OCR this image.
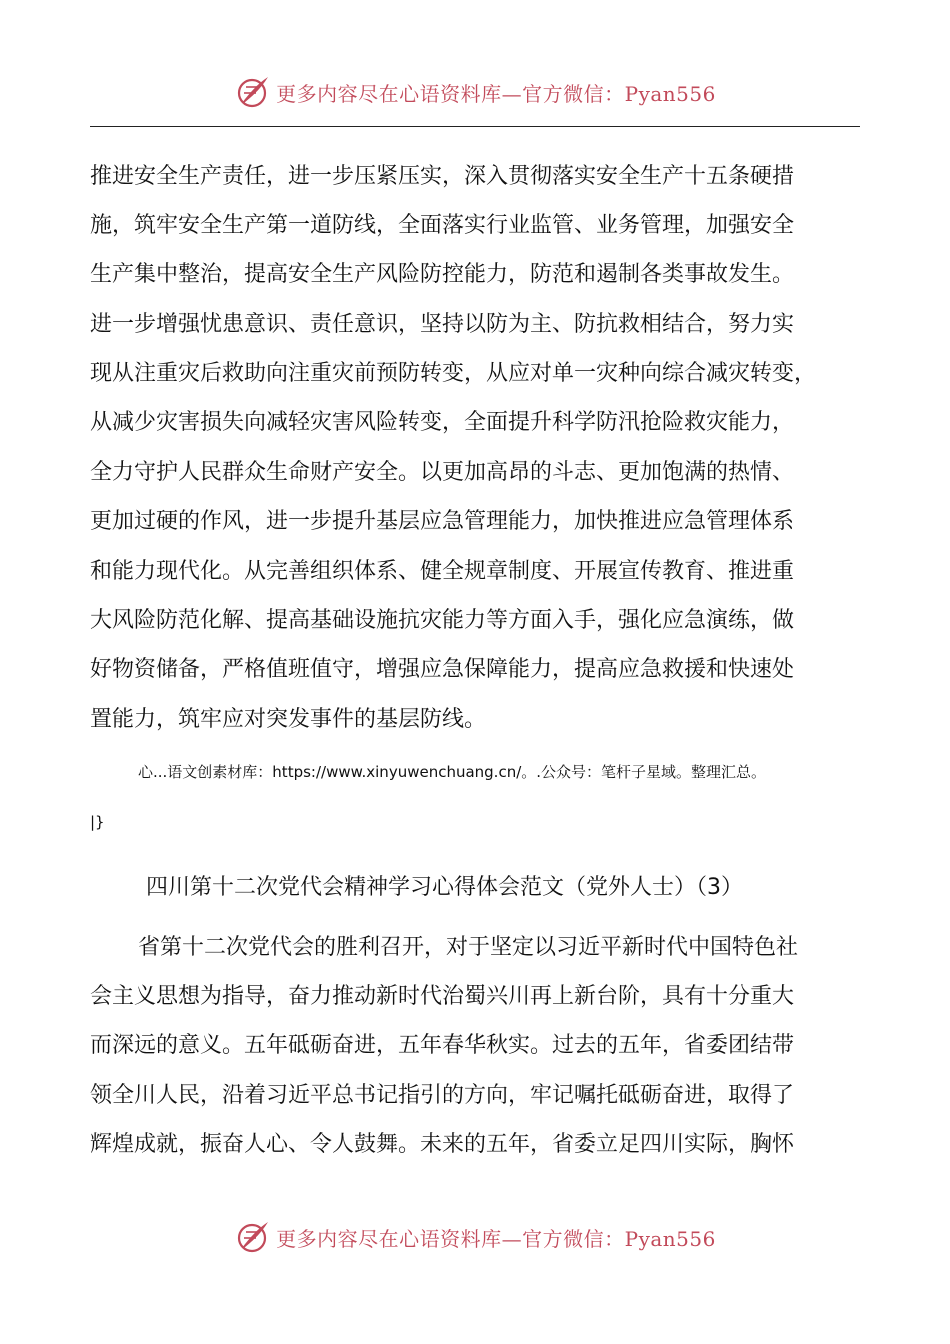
更多内容尽在心语资料库—官方微信：Pyan556
推进安全生产责任，进一步压紧压实，深入贯彻落实安全生产十五条硬措
施，筑牢安全生产第一道防线，全面落实行业监管、业务管理，加强安全
生产集中整治，提高安全生产风险防控能力，防范和遏制各类事故发生。
进一步增强忧患意识、责任意识，坚持以防为主、防抗救相结合，努力实
现从注重灾后救助向注重灾前预防转变，从应对单一灾种向综合减灾转变，
从减少灾害损失向减轻灾害风险转变，全面提升科学防汛抢险救灾能力，
全力守护人民群众生命财产安全。以更加高昂的斗志、更加饱满的热情、
更加过硬的作风，进一步提升基层应急管理能力，加快推进应急管理体系
和能力现代化。从完善组织体系、健全规章制度、开展宣传教育、推进重
大风险防范化解、提高基础设施抗灾能力等方面入手，强化应急演练，做
好物资储备，严格值班值守，增强应急保障能力，提高应急救援和快速处
置能力，筑牢应对突发事件的基层防线。
心...语文创素材库：https://www.xinyuwenchuang.cn/。.公众号：笔杆子星域。整理汇总。
|}
四川第十二次党代会精神学习心得体会范文（党外人士）（3）
省第十二次党代会的胜利召开，对于坚定以习近平新时代中国特色社
会主义思想为指导，奋力推动新时代治蜀兴川再上新台阶，具有十分重大
而深远的意义。五年砥砺奋进，五年春华秋实。过去的五年，省委团结带
领全川人民，沿着习近平总书记指引的方向，牢记嘱托砥砺奋进，取得了
辉煌成就，振奋人心、令人鼓舞。未来的五年，省委立足四川实际，胸怀
更多内容尽在心语资料库—官方微信：Pyan556
